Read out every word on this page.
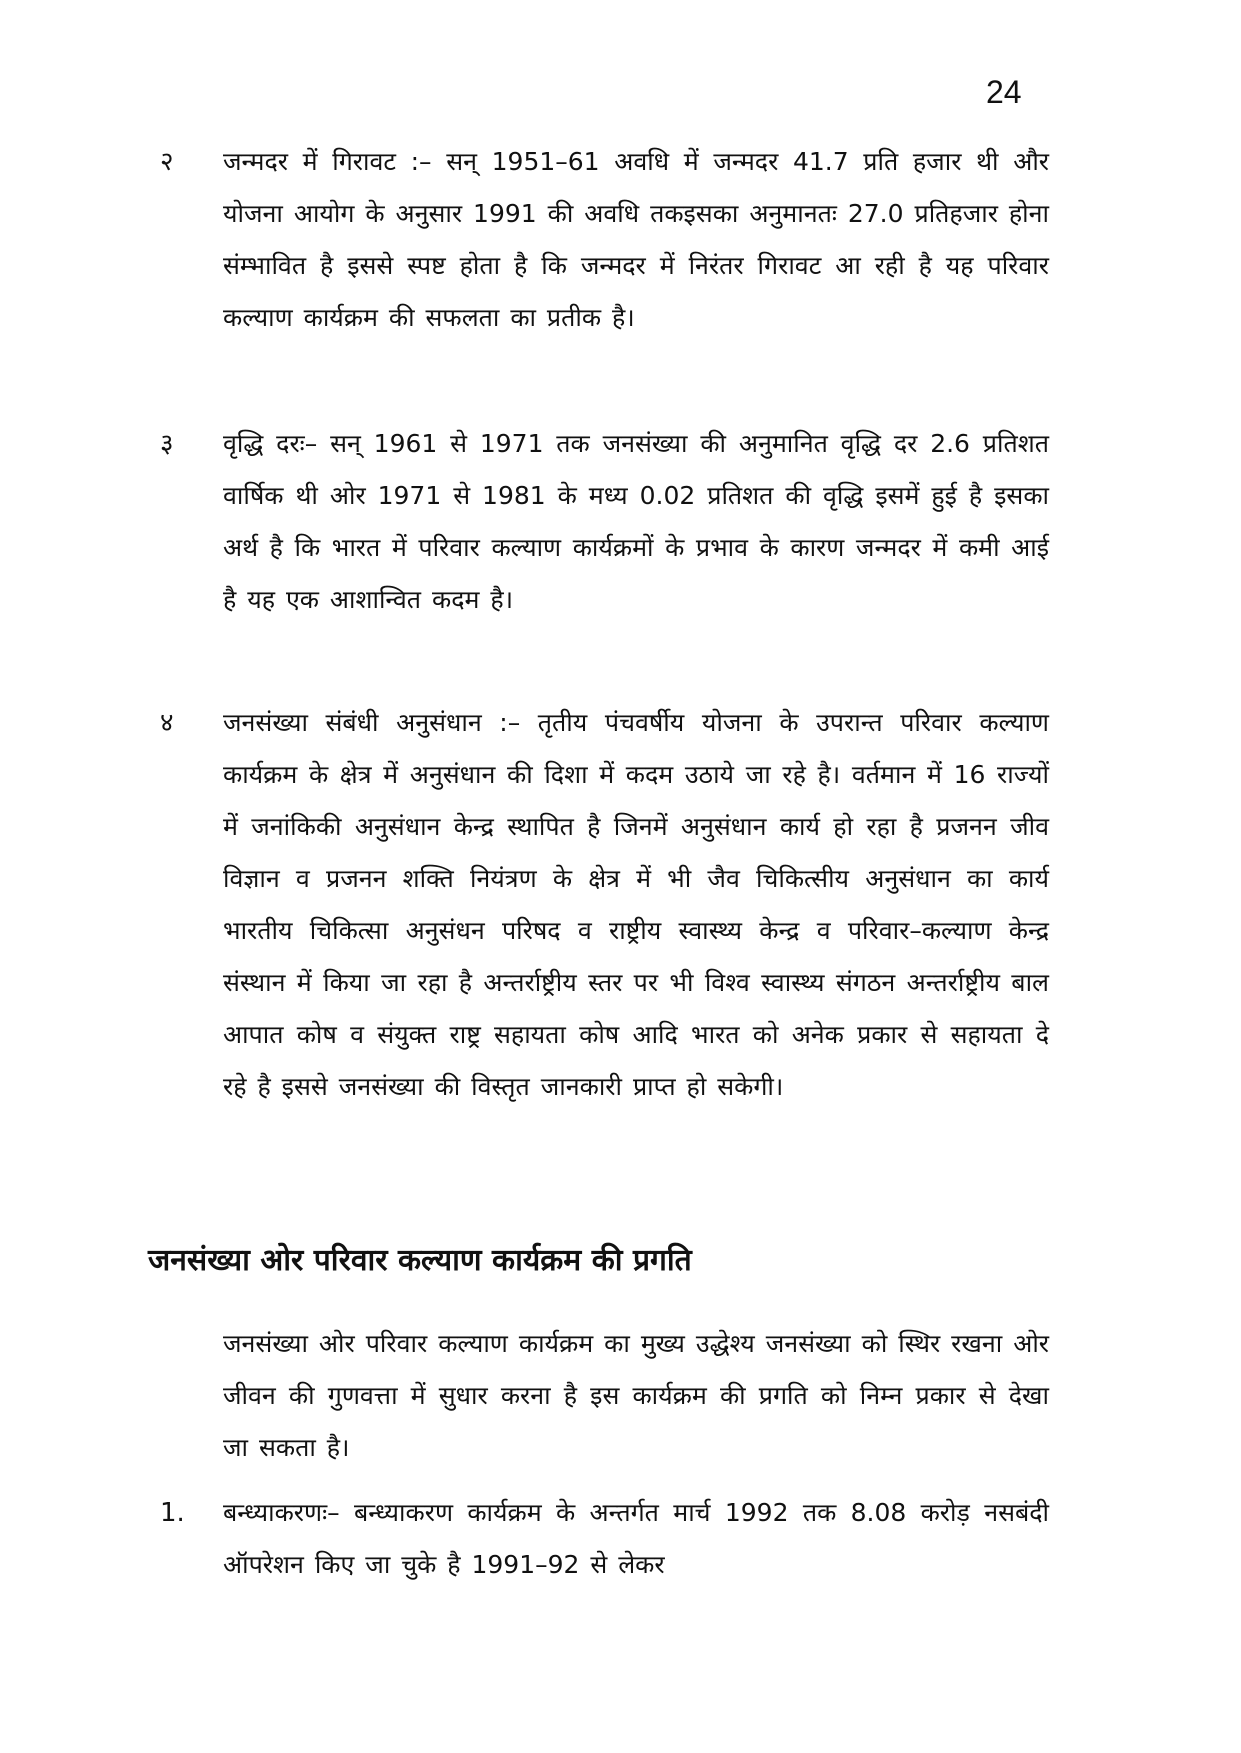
24
२	जन्मदर में गिरावट :– सन् 1951–61 अवधि में जन्मदर 41.7 प्रति हजार थी और योजना आयोग के अनुसार 1991 की अवधि तकइसका अनुमानतः 27.0 प्रतिहजार होना संम्भावित है इससे स्पष्ट होता है कि जन्मदर में निरंतर गिरावट आ रही है यह परिवार कल्याण कार्यक्रम की सफलता का प्रतीक है।
३	वृद्धि दरः– सन् 1961 से 1971 तक जनसंख्या की अनुमानित वृद्धि दर 2.6 प्रतिशत वार्षिक थी ओर 1971 से 1981 के मध्य 0.02 प्रतिशत की वृद्धि इसमें हुई है इसका अर्थ है कि भारत में परिवार कल्याण कार्यक्रमों के प्रभाव के कारण जन्मदर में कमी आई है यह एक आशान्वित कदम है।
४	जनसंख्या संबंधी अनुसंधान :– तृतीय पंचवर्षीय योजना के उपरान्त परिवार कल्याण कार्यक्रम के क्षेत्र में अनुसंधान की दिशा में कदम उठाये जा रहे है। वर्तमान में 16 राज्यों में जनांकिकी अनुसंधान केन्द्र स्थापित है जिनमें अनुसंधान कार्य हो रहा है प्रजनन जीव विज्ञान व प्रजनन शक्ति नियंत्रण के क्षेत्र में भी जैव चिकित्सीय अनुसंधान का कार्य भारतीय चिकित्सा अनुसंधन परिषद व राष्ट्रीय स्वास्थ्य केन्द्र व परिवार–कल्याण केन्द्र संस्थान में किया जा रहा है अन्तर्राष्ट्रीय स्तर पर भी विश्व स्वास्थ्य संगठन अन्तर्राष्ट्रीय बाल आपात कोष व संयुक्त राष्ट्र सहायता कोष आदि भारत को अनेक प्रकार से सहायता दे रहे है इससे जनसंख्या की विस्तृत जानकारी प्राप्त हो सकेगी।
जनसंख्या ओर परिवार कल्याण कार्यक्रम की प्रगति
जनसंख्या ओर परिवार कल्याण कार्यक्रम का मुख्य उद्धेश्य जनसंख्या को स्थिर रखना ओर जीवन की गुणवत्ता में सुधार करना है इस कार्यक्रम की प्रगति को निम्न प्रकार से देखा जा सकता है।
1.	बन्ध्याकरणः– बन्ध्याकरण कार्यक्रम के अन्तर्गत मार्च 1992 तक 8.08 करोड़ नसबंदी ऑपरेशन किए जा चुके है 1991–92 से लेकर
